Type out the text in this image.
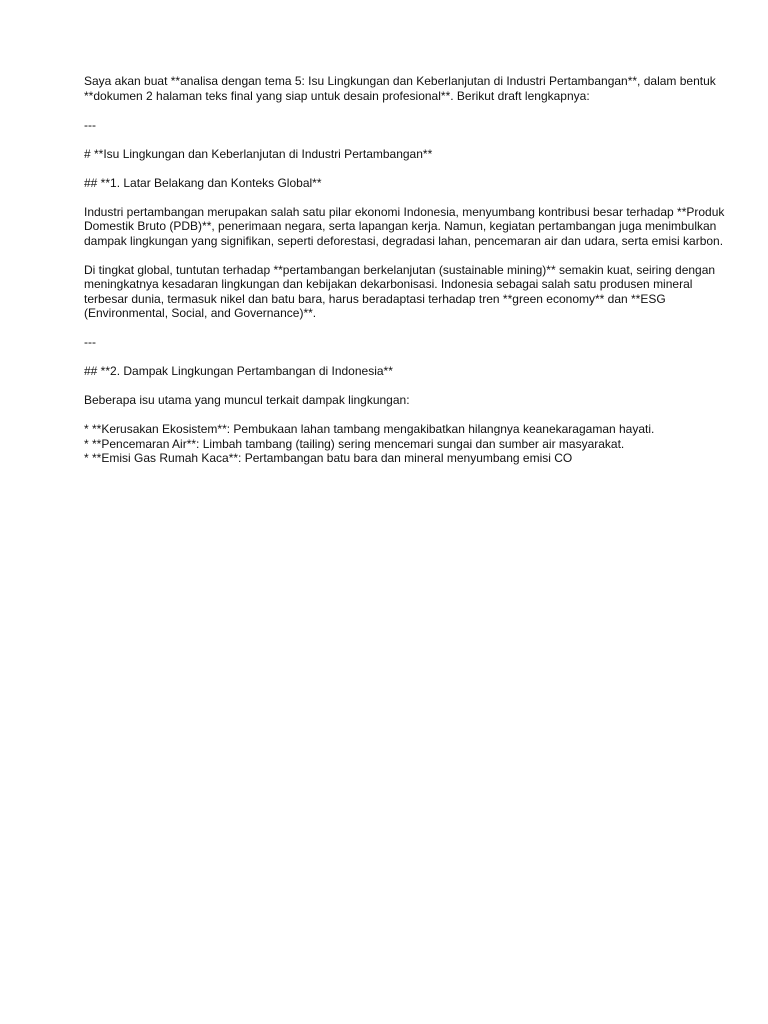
Saya akan buat **analisa dengan tema 5: Isu Lingkungan dan Keberlanjutan di Industri Pertambangan**, dalam bentuk

**dokumen 2 halaman teks final yang siap untuk desain profesional**. Berikut draft lengkapnya:

---

# **Isu Lingkungan dan Keberlanjutan di Industri Pertambangan**

## **1. Latar Belakang dan Konteks Global**

Industri pertambangan merupakan salah satu pilar ekonomi Indonesia, menyumbang kontribusi besar terhadap **Produk

Domestik Bruto (PDB)**, penerimaan negara, serta lapangan kerja. Namun, kegiatan pertambangan juga menimbulkan

dampak lingkungan yang signifikan, seperti deforestasi, degradasi lahan, pencemaran air dan udara, serta emisi karbon.

Di tingkat global, tuntutan terhadap **pertambangan berkelanjutan (sustainable mining)** semakin kuat, seiring dengan

meningkatnya kesadaran lingkungan dan kebijakan dekarbonisasi. Indonesia sebagai salah satu produsen mineral

terbesar dunia, termasuk nikel dan batu bara, harus beradaptasi terhadap tren **green economy** dan **ESG

(Environmental, Social, and Governance)**.

---

## **2. Dampak Lingkungan Pertambangan di Indonesia**

Beberapa isu utama yang muncul terkait dampak lingkungan:

* **Kerusakan Ekosistem**: Pembukaan lahan tambang mengakibatkan hilangnya keanekaragaman hayati.

* **Pencemaran Air**: Limbah tambang (tailing) sering mencemari sungai dan sumber air masyarakat.

* **Emisi Gas Rumah Kaca**: Pertambangan batu bara dan mineral menyumbang emisi CO
